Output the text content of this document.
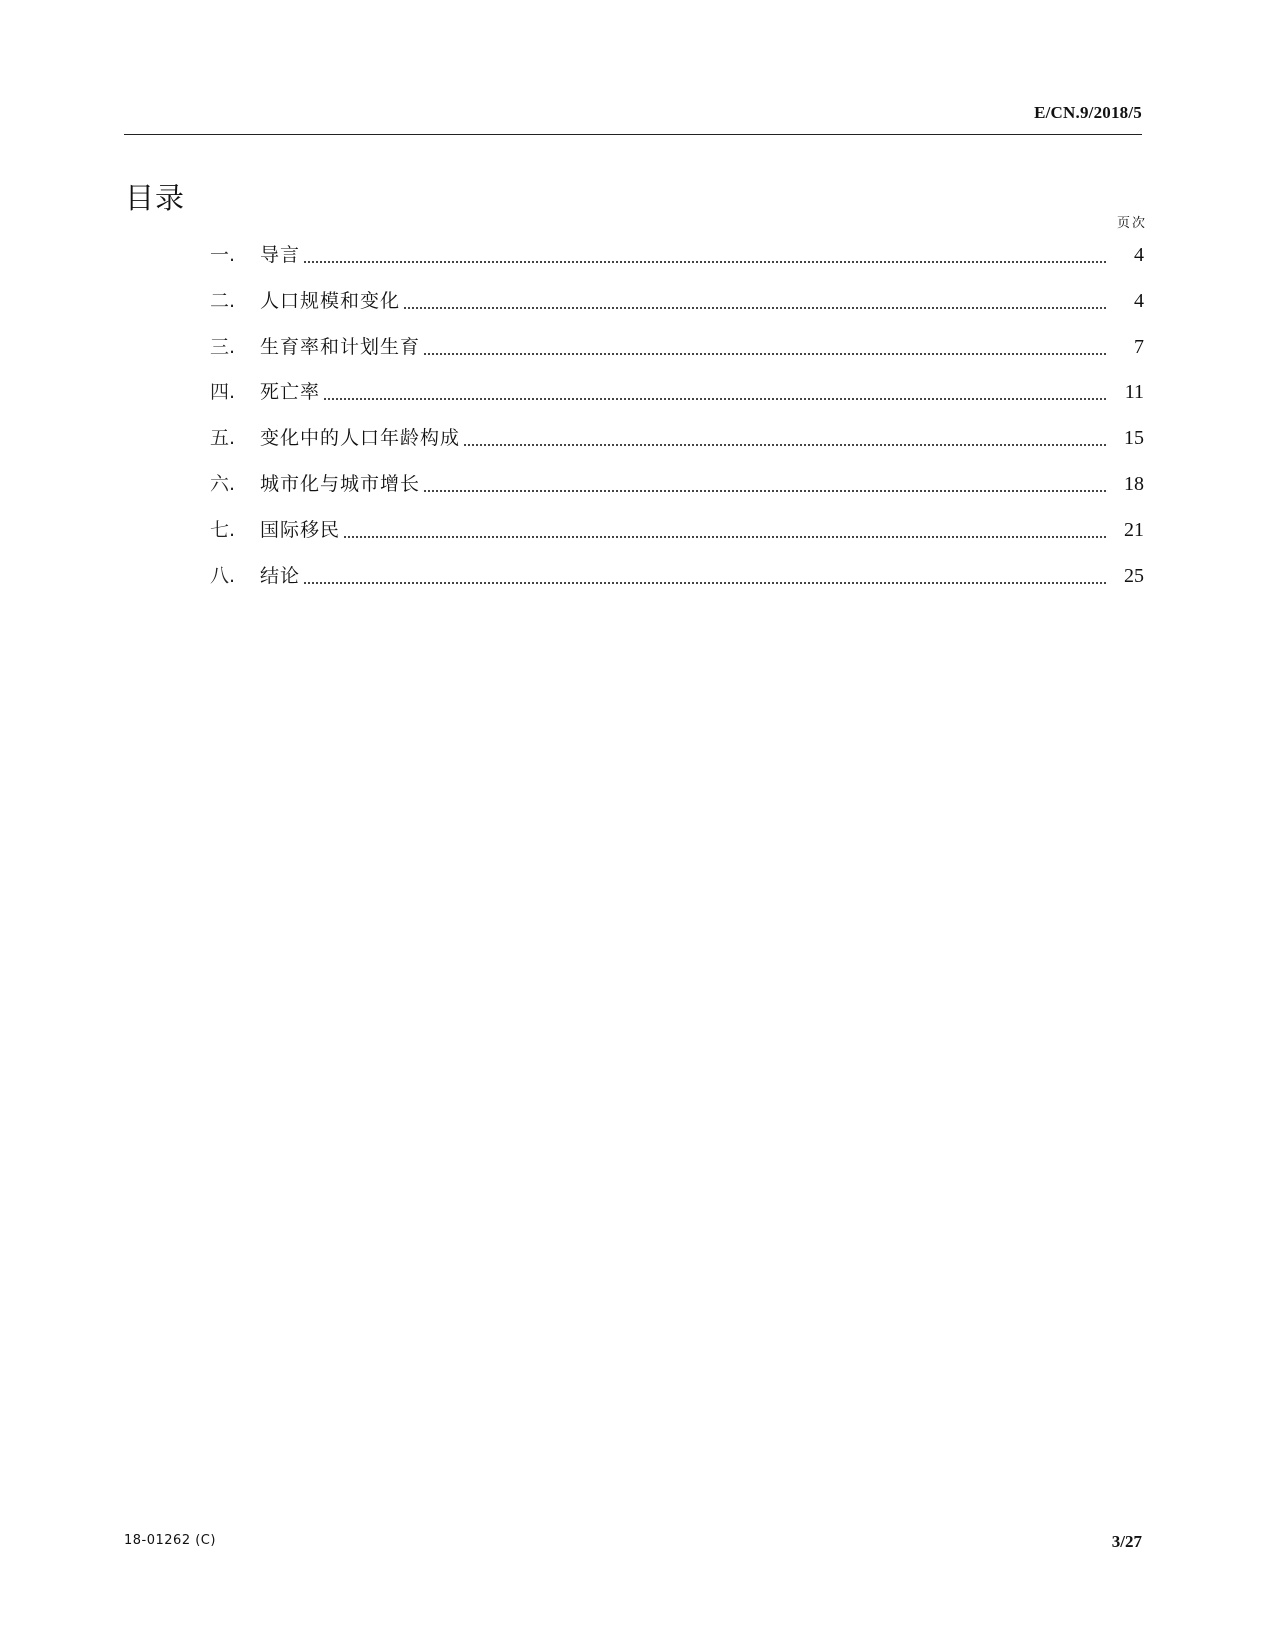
E/CN.9/2018/5
目录
页次
一.	导言	4
二.	人口规模和变化	4
三.	生育率和计划生育	7
四.	死亡率	11
五.	变化中的人口年龄构成	15
六.	城市化与城市增长	18
七.	国际移民	21
八.	结论	25
18-01262 (C)	3/27
